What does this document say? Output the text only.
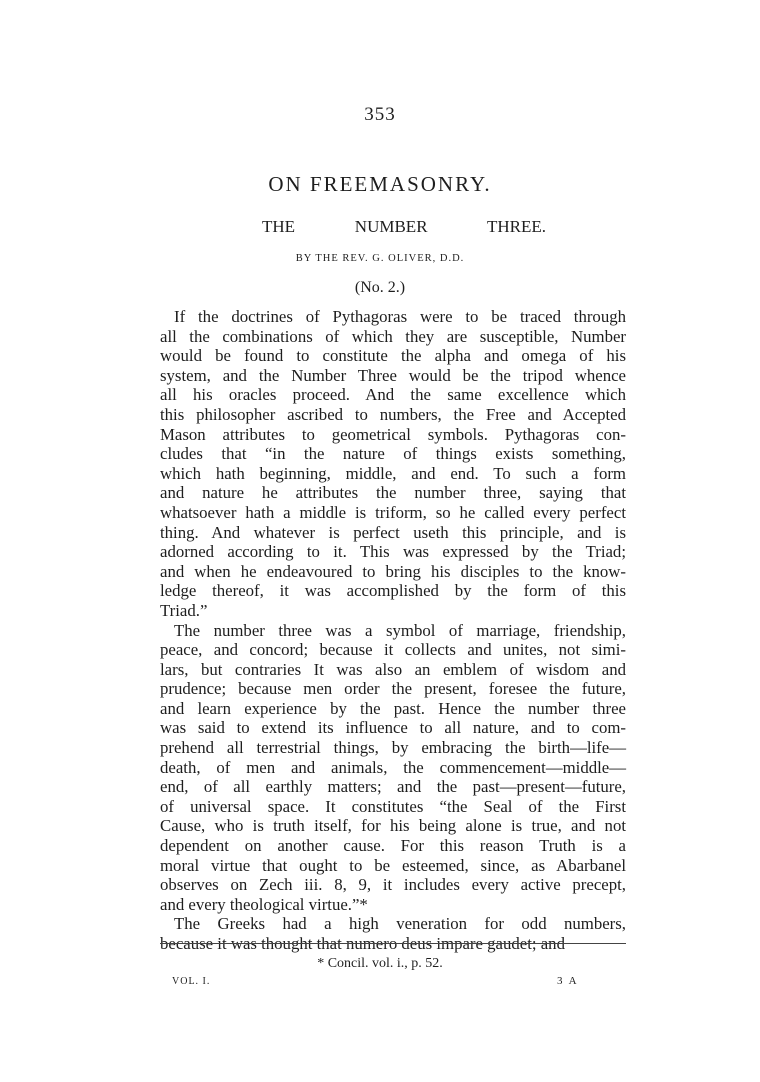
353
ON FREEMASONRY.
THE NUMBER THREE.
BY THE REV. G. OLIVER, D.D.
(No. 2.)
If the doctrines of Pythagoras were to be traced through
all the combinations of which they are susceptible, Number
would be found to constitute the alpha and omega of his
system, and the Number Three would be the tripod whence
all his oracles proceed. And the same excellence which
this philosopher ascribed to numbers, the Free and Accepted
Mason attributes to geometrical symbols. Pythagoras con-
cludes that “in the nature of things exists something,
which hath beginning, middle, and end. To such a form
and nature he attributes the number three, saying that
whatsoever hath a middle is triform, so he called every perfect
thing. And whatever is perfect useth this principle, and is
adorned according to it. This was expressed by the Triad;
and when he endeavoured to bring his disciples to the know-
ledge thereof, it was accomplished by the form of this
Triad.”
The number three was a symbol of marriage, friendship,
peace, and concord; because it collects and unites, not simi-
lars, but contraries It was also an emblem of wisdom and
prudence; because men order the present, foresee the future,
and learn experience by the past. Hence the number three
was said to extend its influence to all nature, and to com-
prehend all terrestrial things, by embracing the birth—life—
death, of men and animals, the commencement—middle—
end, of all earthly matters; and the past—present—future,
of universal space. It constitutes “the Seal of the First
Cause, who is truth itself, for his being alone is true, and not
dependent on another cause. For this reason Truth is a
moral virtue that ought to be esteemed, since, as Abarbanel
observes on Zech iii. 8, 9, it includes every active precept,
and every theological virtue.”*
The Greeks had a high veneration for odd numbers,
because it was thought that numero deus impare gaudet; and
* Concil. vol. i., p. 52.
VOL. I.	3 A
